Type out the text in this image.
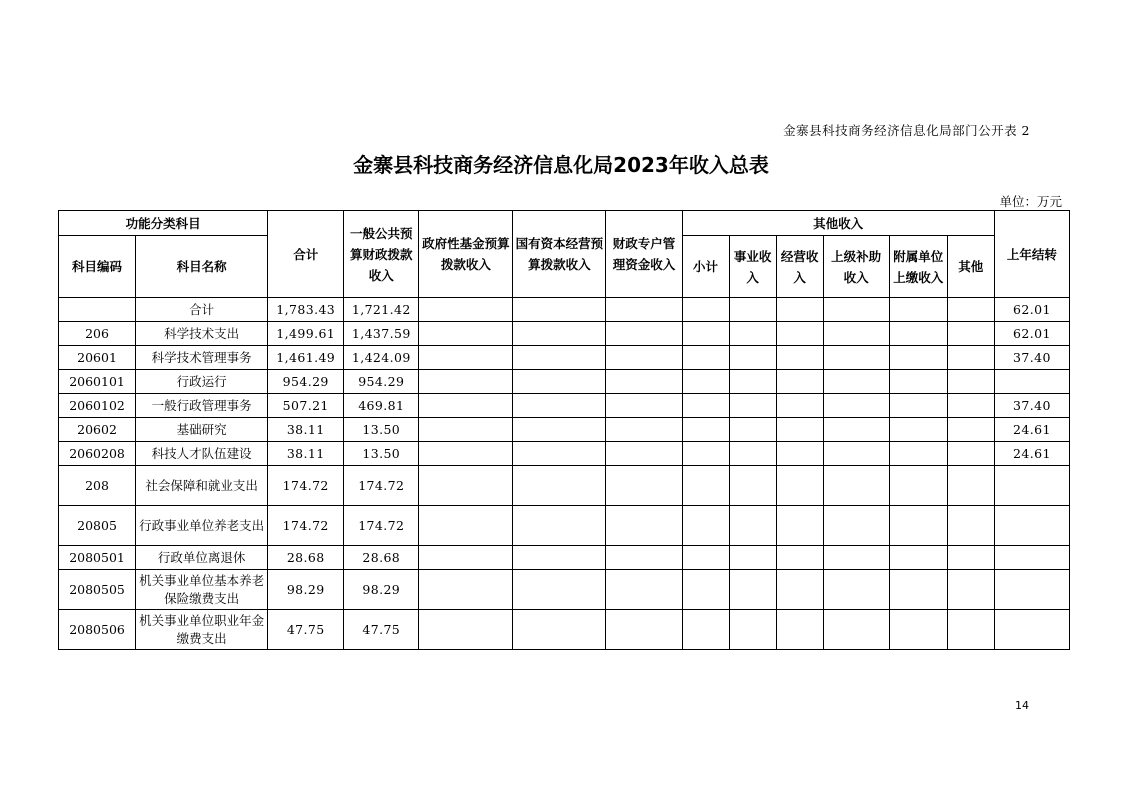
金寨县科技商务经济信息化局部门公开表 2
金寨县科技商务经济信息化局2023年收入总表
单位：万元
功能分类科目		合计	一般公共预算财政拨款收入	政府性基金预算拨款收入	国有资本经营预算拨款收入	财政专户管理资金收入	其他收入						上年结转
科目编码	科目名称						小计	事业收入	经营收入	上级补助收入	附属单位上缴收入	其他	
	合计	1,783.43	1,721.42										62.01
206	科学技术支出	1,499.61	1,437.59										62.01
20601	科学技术管理事务	1,461.49	1,424.09										37.40
2060101	行政运行	954.29	954.29										
2060102	一般行政管理事务	507.21	469.81										37.40
20602	基础研究	38.11	13.50										24.61
2060208	科技人才队伍建设	38.11	13.50										24.61
208	社会保障和就业支出	174.72	174.72										
20805	行政事业单位养老支出	174.72	174.72										
2080501	行政单位离退休	28.68	28.68										
2080505	机关事业单位基本养老保险缴费支出	98.29	98.29										
2080506	机关事业单位职业年金缴费支出	47.75	47.75										
14
